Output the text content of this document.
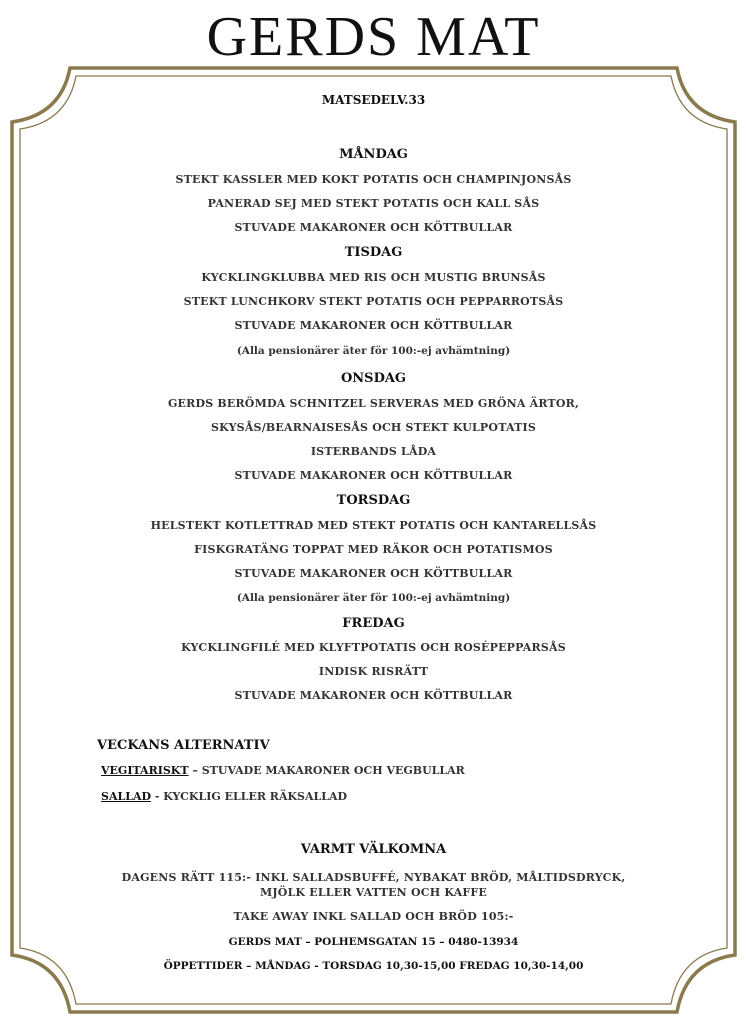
GERDS MAT
MATSEDELV.33
MÅNDAG
STEKT KASSLER MED KOKT POTATIS OCH CHAMPINJONSÅS
PANERAD SEJ MED STEKT POTATIS OCH KALL SÅS
STUVADE MAKARONER OCH KÖTTBULLAR
TISDAG
KYCKLINGKLUBBA MED RIS OCH MUSTIG BRUNSÅS
STEKT LUNCHKORV STEKT POTATIS OCH PEPPARROTSÅS
STUVADE MAKARONER OCH KÖTTBULLAR
(Alla pensionärer äter för 100:-ej avhämtning)
ONSDAG
GERDS BERÖMDA SCHNITZEL SERVERAS MED GRÖNA ÄRTOR,
SKYSÅS/BEARNAISESÅS OCH STEKT KULPOTATIS
ISTERBANDS LÅDA
STUVADE MAKARONER OCH KÖTTBULLAR
TORSDAG
HELSTEKT KOTLETTRAD MED STEKT POTATIS OCH KANTARELLSÅS
FISKGRATÄNG TOPPAT MED RÄKOR OCH POTATISMOS
STUVADE MAKARONER OCH KÖTTBULLAR
(Alla pensionärer äter för 100:-ej avhämtning)
FREDAG
KYCKLINGFILÉ MED KLYFTPOTATIS OCH ROSÉPEPPARSÅS
INDISK RISRÄTT
STUVADE MAKARONER OCH KÖTTBULLAR
VECKANS ALTERNATIV
VEGITARISKT – STUVADE MAKARONER OCH VEGBULLAR
SALLAD - KYCKLIG ELLER RÄKSALLAD
VARMT VÄLKOMNA
DAGENS RÄTT 115:- INKL SALLADSBUFFÉ, NYBAKAT BRÖD, MÅLTIDSDRYCK,
MJÖLK ELLER VATTEN OCH KAFFE
TAKE AWAY INKL SALLAD OCH BRÖD 105:-
GERDS MAT – POLHEMSGATAN 15 – 0480-13934
ÖPPETTIDER – MÅNDAG - TORSDAG 10,30-15,00 FREDAG 10,30-14,00
